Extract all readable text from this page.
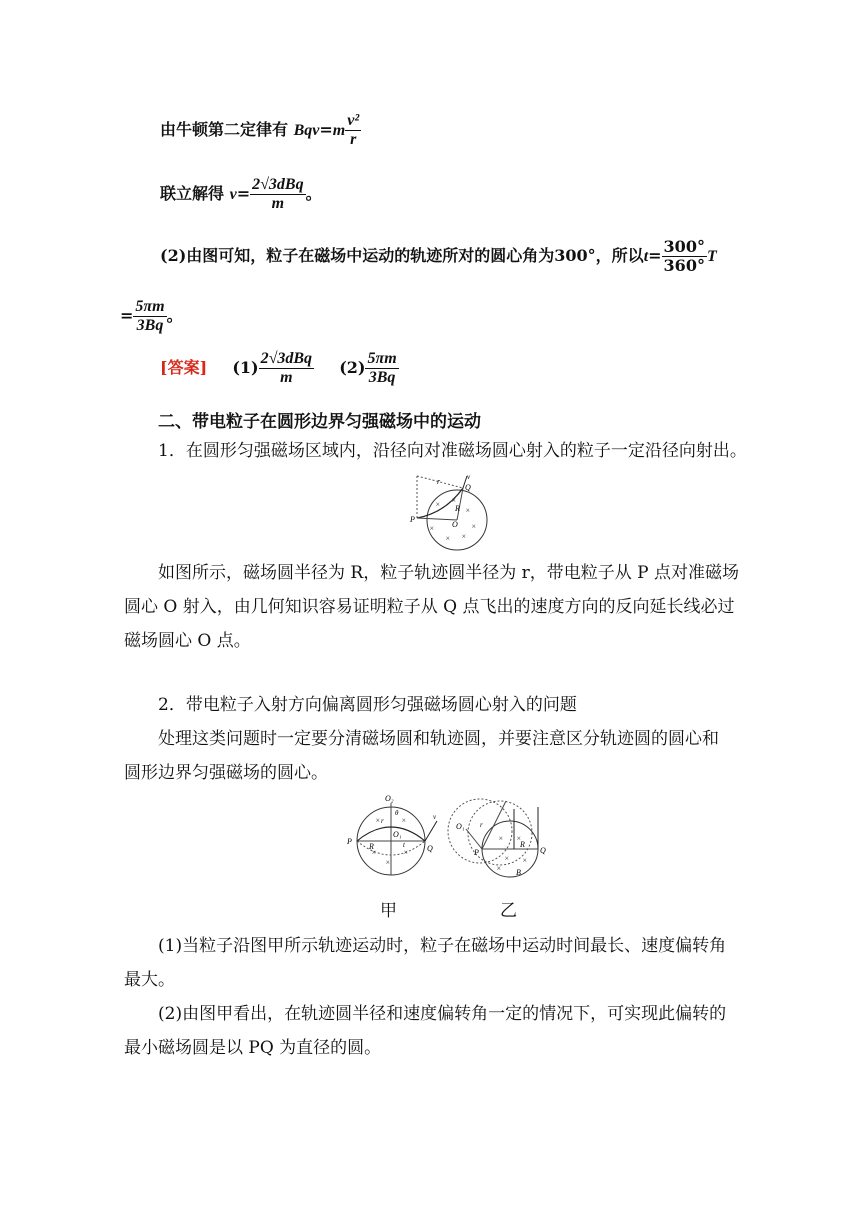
由牛顿第二定律有 $Bqv=m \frac{\text{v²}}{r}$
联立解得 $v= \frac{\text{2√3dBq}}{m}$ 。
(2)由图可知，粒子在磁场中运动的轨迹所对的圆心角为300°，所以$t= \frac{300^\circ}{360^\circ}$ T
= $\frac{5\pi m}{3Bq}$ 。
[答案] $(1) \frac{\text{2√3dBq}}{m} (2) \frac{5\pi m}{3Bq}$
二、带电粒子在圆形边界匀强磁场中的运动
1．在圆形匀强磁场区域内，沿径向对准磁场圆心射入的粒子一定沿径向射出。
× ×
×
×
× ×
×
r	v
Q
R
P
O
如图所示，磁场圆半径为 R，粒子轨迹圆半径为 r，带电粒子从 P 点对准磁场
圆心 O 射入，由几何知识容易证明粒子从 Q 点飞出的速度方向的反向延长线必过
磁场圆心 O 点。
2．带电粒子入射方向偏离圆形匀强磁场圆心射入的问题
处理这类问题时一定要分清磁场圆和轨迹圆，并要注意区分轨迹圆的圆心和
圆形边界匀强磁场的圆心。
×	×
×	×
×
O₂
θ
r
O₁
R
P
Q
v
t
× ×
× ×
×
O₁ r
R
P	Q
B
甲	乙
(1)当粒子沿图甲所示轨迹运动时，粒子在磁场中运动时间最长、速度偏转角
最大。
(2)由图甲看出，在轨迹圆半径和速度偏转角一定的情况下，可实现此偏转的
最小磁场圆是以 PQ 为直径的圆。
